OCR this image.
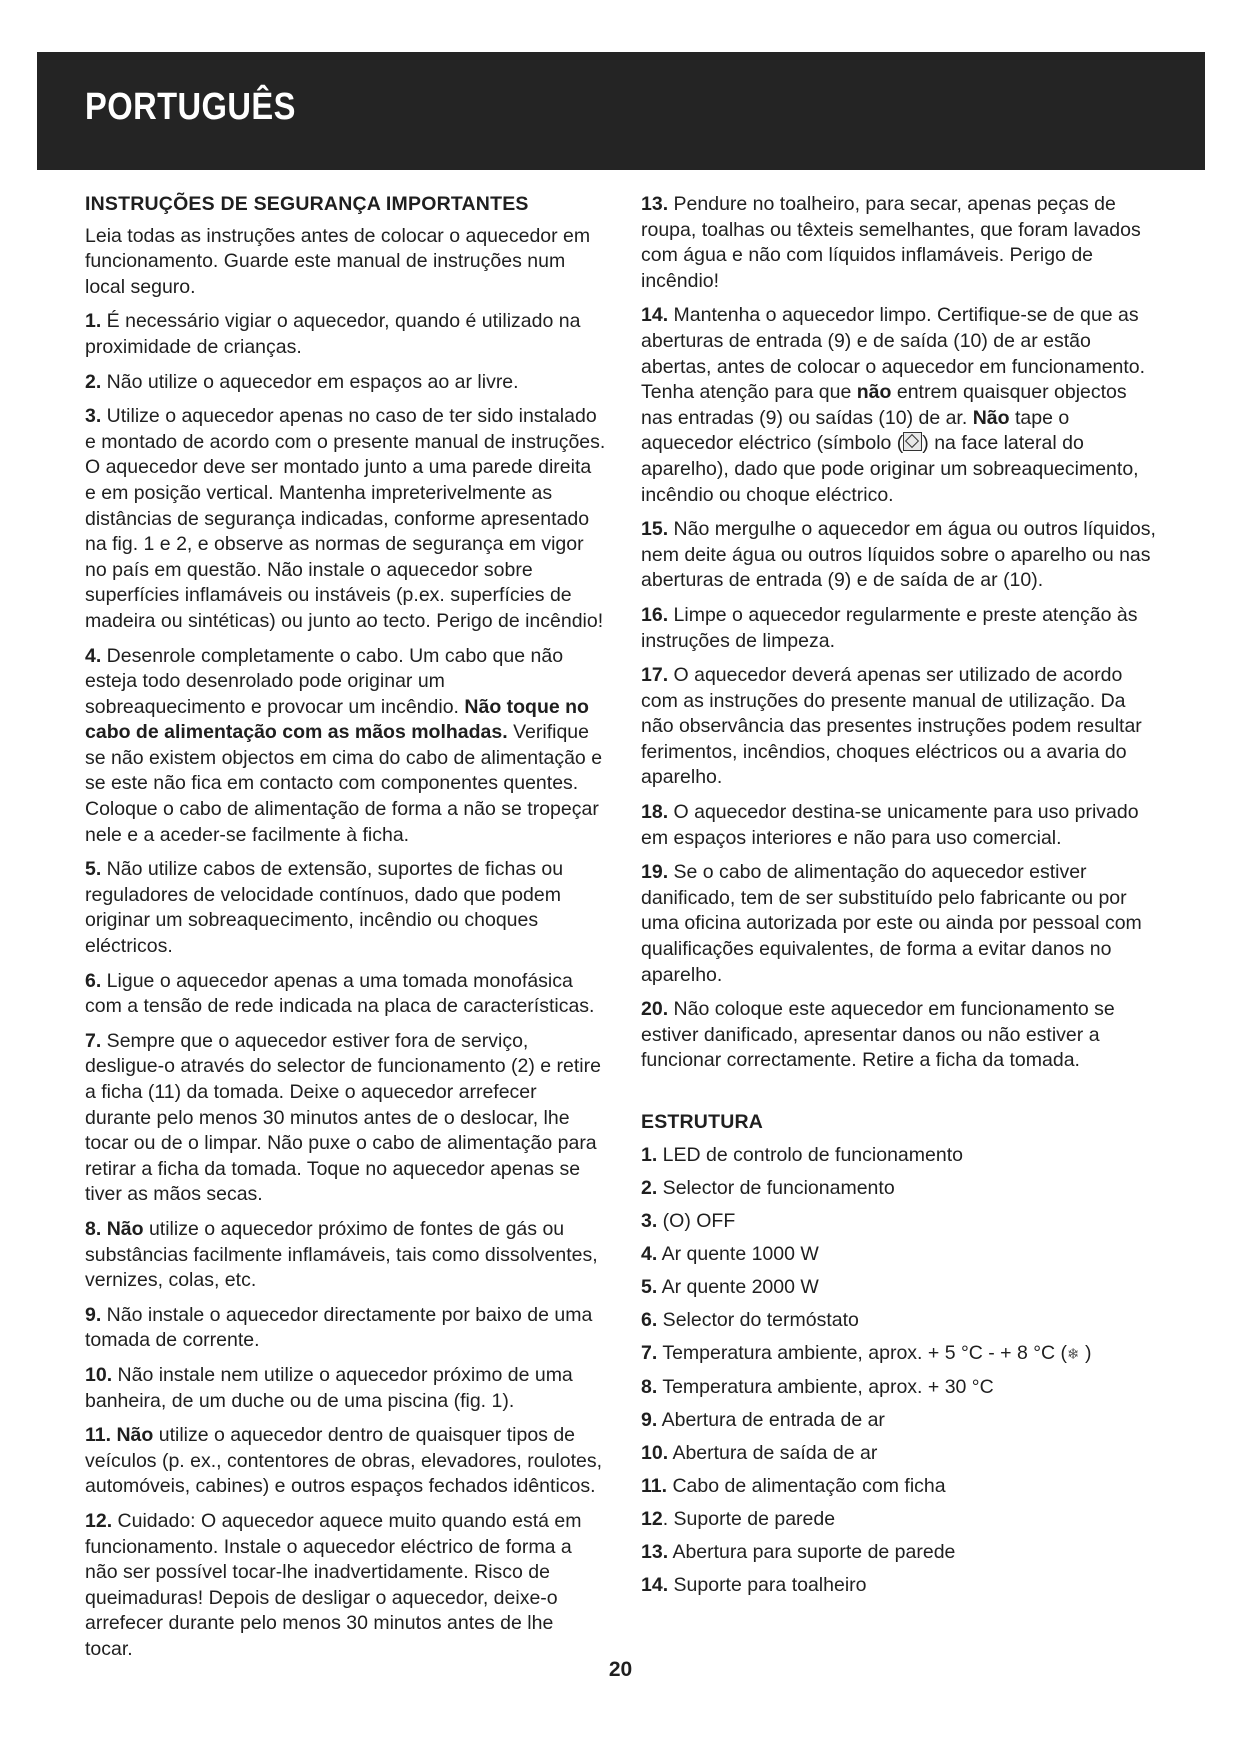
PORTUGUÊS
INSTRUÇÕES DE SEGURANÇA IMPORTANTES

Leia todas as instruções antes de colocar o aquecedor em funcionamento. Guarde este manual de instruções num local seguro.

1. É necessário vigiar o aquecedor, quando é utilizado na proximidade de crianças.

2. Não utilize o aquecedor em espaços ao ar livre.

3. Utilize o aquecedor apenas no caso de ter sido instalado e montado de acordo com o presente manual de instruções. O aquecedor deve ser montado junto a uma parede direita e em posição vertical. Mantenha impreterivelmente as distâncias de segurança indicadas, conforme apresentado na fig. 1 e 2, e observe as normas de segurança em vigor no país em questão. Não instale o aquecedor sobre superfícies inflamáveis ou instáveis (p.ex. superfícies de madeira ou sintéticas) ou junto ao tecto. Perigo de incêndio!

4. Desenrole completamente o cabo. Um cabo que não esteja todo desenrolado pode originar um sobreaquecimento e provocar um incêndio. Não toque no cabo de alimentação com as mãos molhadas. Verifique se não existem objectos em cima do cabo de alimentação e se este não fica em contacto com componentes quentes. Coloque o cabo de alimentação de forma a não se tropeçar nele e a aceder-se facilmente à ficha.

5. Não utilize cabos de extensão, suportes de fichas ou reguladores de velocidade contínuos, dado que podem originar um sobreaquecimento, incêndio ou choques eléctricos.

6. Ligue o aquecedor apenas a uma tomada monofásica com a tensão de rede indicada na placa de características.

7. Sempre que o aquecedor estiver fora de serviço, desligue-o através do selector de funcionamento (2) e retire a ficha (11) da tomada. Deixe o aquecedor arrefecer durante pelo menos 30 minutos antes de o deslocar, lhe tocar ou de o limpar. Não puxe o cabo de alimentação para retirar a ficha da tomada. Toque no aquecedor apenas se tiver as mãos secas.

8. Não utilize o aquecedor próximo de fontes de gás ou substâncias facilmente inflamáveis, tais como dissolventes, vernizes, colas, etc.

9. Não instale o aquecedor directamente por baixo de uma tomada de corrente.

10. Não instale nem utilize o aquecedor próximo de uma banheira, de um duche ou de uma piscina (fig. 1).

11. Não utilize o aquecedor dentro de quaisquer tipos de veículos (p. ex., contentores de obras, elevadores, roulotes, automóveis, cabines) e outros espaços fechados idênticos.

12. Cuidado: O aquecedor aquece muito quando está em funcionamento. Instale o aquecedor eléctrico de forma a não ser possível tocar-lhe inadvertidamente. Risco de queimaduras! Depois de desligar o aquecedor, deixe-o arrefecer durante pelo menos 30 minutos antes de lhe tocar.

13. Pendure no toalheiro, para secar, apenas peças de roupa, toalhas ou têxteis semelhantes, que foram lavados com água e não com líquidos inflamáveis. Perigo de incêndio!

14. Mantenha o aquecedor limpo. Certifique-se de que as aberturas de entrada (9) e de saída (10) de ar estão abertas, antes de colocar o aquecedor em funcionamento. Tenha atenção para que não entrem quaisquer objectos nas entradas (9) ou saídas (10) de ar. Não tape o aquecedor eléctrico (símbolo ( ) na face lateral do aparelho), dado que pode originar um sobreaquecimento, incêndio ou choque eléctrico.

15. Não mergulhe o aquecedor em água ou outros líquidos, nem deite água ou outros líquidos sobre o aparelho ou nas aberturas de entrada (9) e de saída de ar (10).

16. Limpe o aquecedor regularmente e preste atenção às instruções de limpeza.

17. O aquecedor deverá apenas ser utilizado de acordo com as instruções do presente manual de utilização. Da não observância das presentes instruções podem resultar ferimentos, incêndios, choques eléctricos ou a avaria do aparelho.

18. O aquecedor destina-se unicamente para uso privado em espaços interiores e não para uso comercial.

19. Se o cabo de alimentação do aquecedor estiver danificado, tem de ser substituído pelo fabricante ou por uma oficina autorizada por este ou ainda por pessoal com qualificações equivalentes, de forma a evitar danos no aparelho.

20. Não coloque este aquecedor em funcionamento se estiver danificado, apresentar danos ou não estiver a funcionar correctamente. Retire a ficha da tomada.

ESTRUTURA
1. LED de controlo de funcionamento
2. Selector de funcionamento
3. (O) OFF
4. Ar quente 1000 W
5. Ar quente 2000 W
6. Selector do termóstato
7. Temperatura ambiente, aprox. + 5 °C - + 8 °C (❄ )
8. Temperatura ambiente, aprox. + 30 °C
9. Abertura de entrada de ar
10. Abertura de saída de ar
11. Cabo de alimentação com ficha
12. Suporte de parede
13. Abertura para suporte de parede
14. Suporte para toalheiro
20
